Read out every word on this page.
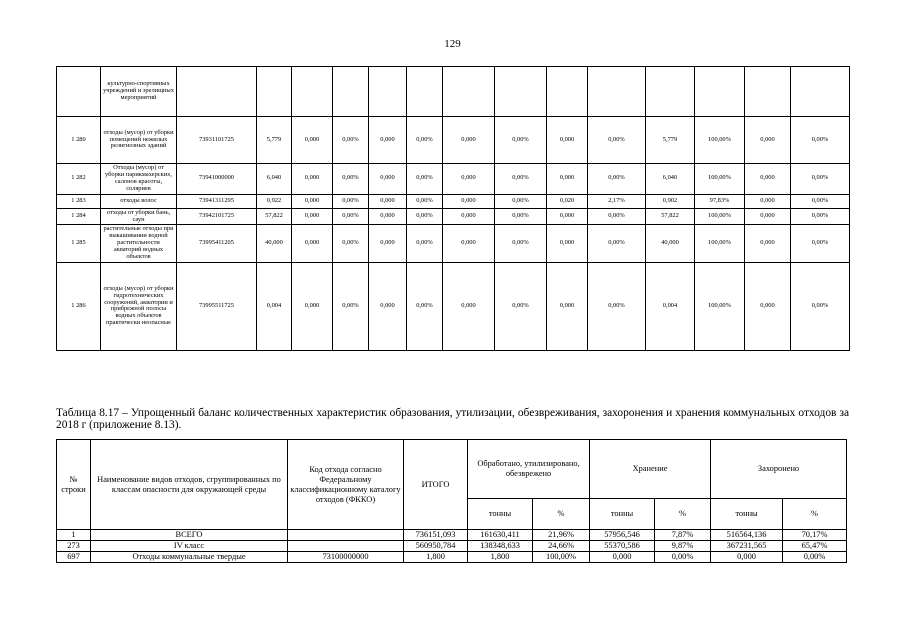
129
	культурно-спортивных учреждений и зрелищных мероприятий														
1 280	отходы (мусор) от уборки помещений нежилых религиозных зданий	73931101725	5,779	0,000	0,00%	0,000	0,00%	0,000	0,00%	0,000	0,00%	5,779	100,00%	0,000	0,00%
1 282	Отходы (мусор) от уборки парикмахерских, салонов красоты, соляриев	73941000000	6,040	0,000	0,00%	0,000	0,00%	0,000	0,00%	0,000	0,00%	6,040	100,00%	0,000	0,00%
1 283	отходы волос	73941311295	0,922	0,000	0,00%	0,000	0,00%	0,000	0,00%	0,020	2,17%	0,902	97,83%	0,000	0,00%
1 284	отходы от уборки бань, саун	73942101725	57,822	0,000	0,00%	0,000	0,00%	0,000	0,00%	0,000	0,00%	57,822	100,00%	0,000	0,00%
1 285	растительные отходы при выкашивании водной растительности акваторий водных объектов	73995411205	40,000	0,000	0,00%	0,000	0,00%	0,000	0,00%	0,000	0,00%	40,000	100,00%	0,000	0,00%
1 286	отходы (мусор) от уборки гидротехнических сооружений, акватории и прибрежной полосы водных объектов практически неопасные	73995511725	0,004	0,000	0,00%	0,000	0,00%	0,000	0,00%	0,000	0,00%	0,004	100,00%	0,000	0,00%
Таблица 8.17 – Упрощенный баланс количественных характеристик образования, утилизации, обезвреживания, захоронения и хранения коммунальных отходов за 2018 г (приложение 8.13).
№ строки	Наименование видов отходов, сгруппированных по классам опасности для окружающей среды	Код отхода согласно Федеральному классификационному каталогу отходов (ФККО)	ИТОГО	Обработано, утилизировано, обезврежено		Хранение		Захоронено	
				тонны	%	тонны	%	тонны	%
1	ВСЕГО		736151,093	161630,411	21,96%	57956,546	7,87%	516564,136	70,17%
273	IV класс		560950,784	138348,633	24,66%	55370,586	9,87%	367231,565	65,47%
697	Отходы коммунальные твердые	73100000000	1,800	1,800	100,00%	0,000	0,00%	0,000	0,00%
